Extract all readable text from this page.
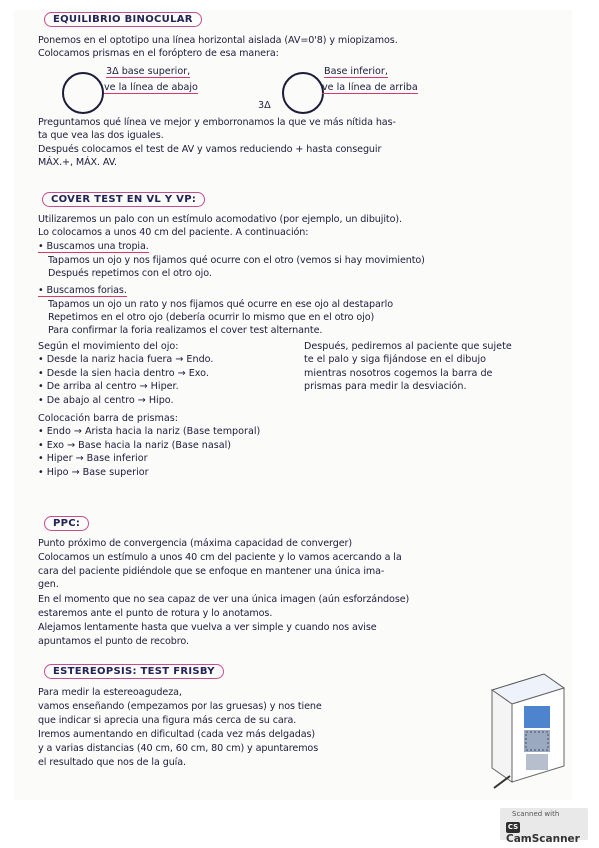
EQUILIBRIO BINOCULAR
Ponemos en el optotipo una línea horizontal aislada (AV=0'8) y miopizamos.
Colocamos prismas en el foróptero de esa manera:
3Δ base superior,
ve la línea de abajo
Base inferior,
ve la línea de arriba
3Δ
Preguntamos qué línea ve mejor y emborronamos la que ve más nítida has-
ta que vea las dos iguales.
Después colocamos el test de AV y vamos reduciendo + hasta conseguir
MÁX.+, MÁX. AV.
COVER TEST EN VL Y VP:
Utilizaremos un palo con un estímulo acomodativo (por ejemplo, un dibujito).
Lo colocamos a unos 40 cm del paciente. A continuación:
• Buscamos una tropia.
Tapamos un ojo y nos fijamos qué ocurre con el otro (vemos si hay movimiento)
Después repetimos con el otro ojo.
• Buscamos forias.
Tapamos un ojo un rato y nos fijamos qué ocurre en ese ojo al destaparlo
Repetimos en el otro ojo (debería ocurrir lo mismo que en el otro ojo)
Para confirmar la foria realizamos el cover test alternante.
Según el movimiento del ojo:
• Desde la nariz hacia fuera → Endo.
• Desde la sien hacia dentro → Exo.
• De arriba al centro → Hiper.
• De abajo al centro → Hipo.
Después, pediremos al paciente que sujete
te el palo y siga fijándose en el dibujo
mientras nosotros cogemos la barra de
prismas para medir la desviación.
Colocación barra de prismas:
• Endo → Arista hacia la nariz (Base temporal)
• Exo → Base hacia la nariz (Base nasal)
• Hiper → Base inferior
• Hipo → Base superior
PPC:
Punto próximo de convergencia (máxima capacidad de converger)
Colocamos un estímulo a unos 40 cm del paciente y lo vamos acercando a la
cara del paciente pidiéndole que se enfoque en mantener una única ima-
gen.
En el momento que no sea capaz de ver una única imagen (aún esforzándose)
estaremos ante el punto de rotura y lo anotamos.
Alejamos lentamente hasta que vuelva a ver simple y cuando nos avise
apuntamos el punto de recobro.
ESTEREOPSIS: TEST FRISBY
Para medir la estereoagudeza,
vamos enseñando (empezamos por las gruesas) y nos tiene
que indicar si aprecia una figura más cerca de su cara.
Iremos aumentando en dificultad (cada vez más delgadas)
y a varias distancias (40 cm, 60 cm, 80 cm) y apuntaremos
el resultado que nos de la guía.
Scanned with
CSCamScanner
